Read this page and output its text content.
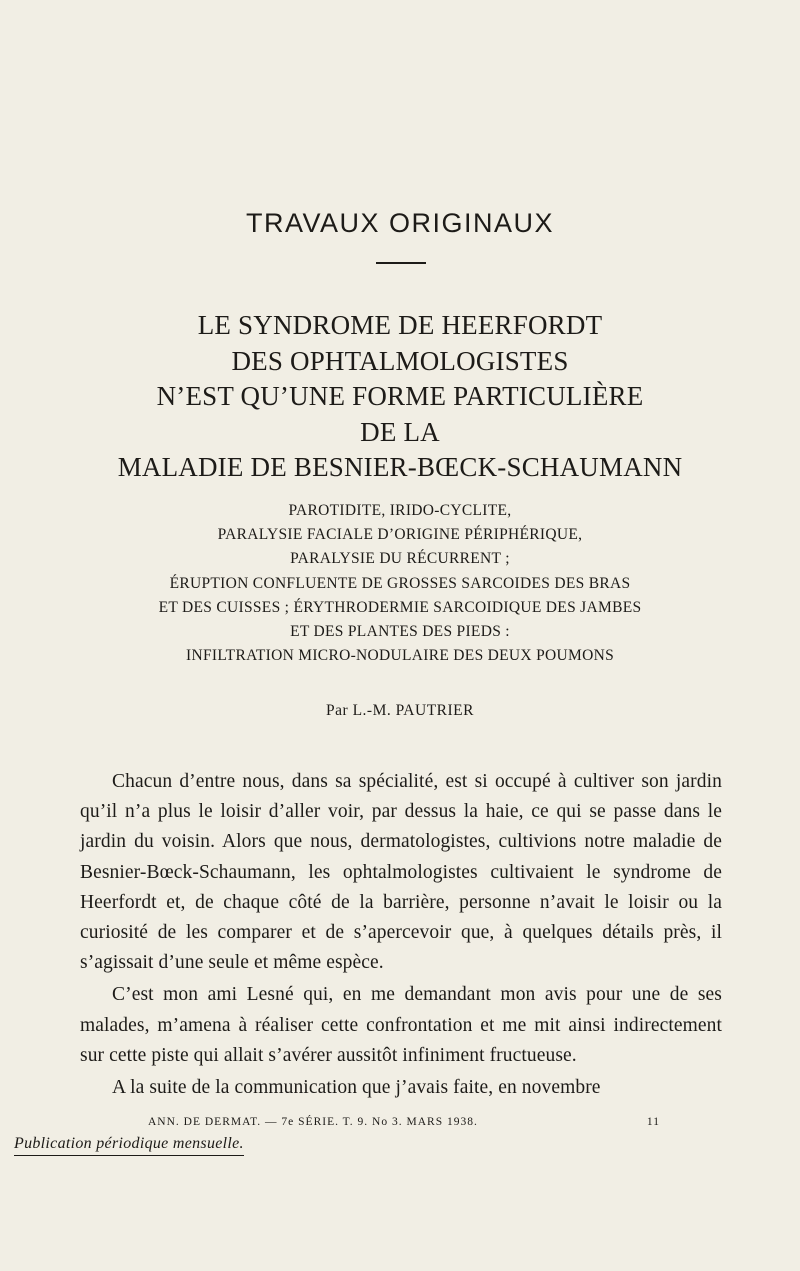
TRAVAUX ORIGINAUX
LE SYNDROME DE HEERFORDT
DES OPHTALMOLOGISTES
N’EST QU’UNE FORME PARTICULIÈRE
DE LA
MALADIE DE BESNIER-BŒCK-SCHAUMANN
PAROTIDITE, IRIDO-CYCLITE,
PARALYSIE FACIALE D’ORIGINE PÉRIPHÉRIQUE,
PARALYSIE DU RÉCURRENT ;
ÉRUPTION CONFLUENTE DE GROSSES SARCOIDES DES BRAS
ET DES CUISSES ; ÉRYTHRODERMIE SARCOIDIQUE DES JAMBES
ET DES PLANTES DES PIEDS :
INFILTRATION MICRO-NODULAIRE DES DEUX POUMONS
Par L.-M. PAUTRIER

Chacun d’entre nous, dans sa spécialité, est si occupé à cultiver son jardin qu’il n’a plus le loisir d’aller voir, par dessus la haie, ce qui se passe dans le jardin du voisin. Alors que nous, dermatologistes, cultivions notre maladie de Besnier-Bœck-Schaumann, les ophtalmologistes cultivaient le syndrome de Heerfordt et, de chaque côté de la barrière, personne n’avait le loisir ou la curiosité de les comparer et de s’apercevoir que, à quelques détails près, il s’agissait d’une seule et même espèce.

C’est mon ami Lesné qui, en me demandant mon avis pour une de ses malades, m’amena à réaliser cette confrontation et me mit ainsi indirectement sur cette piste qui allait s’avérer aussitôt infiniment fructueuse.

A la suite de la communication que j’avais faite, en novembre

ANN. DE DERMAT. — 7e SÉRIE. T. 9. No 3. MARS 1938.	11
Publication périodique mensuelle.
